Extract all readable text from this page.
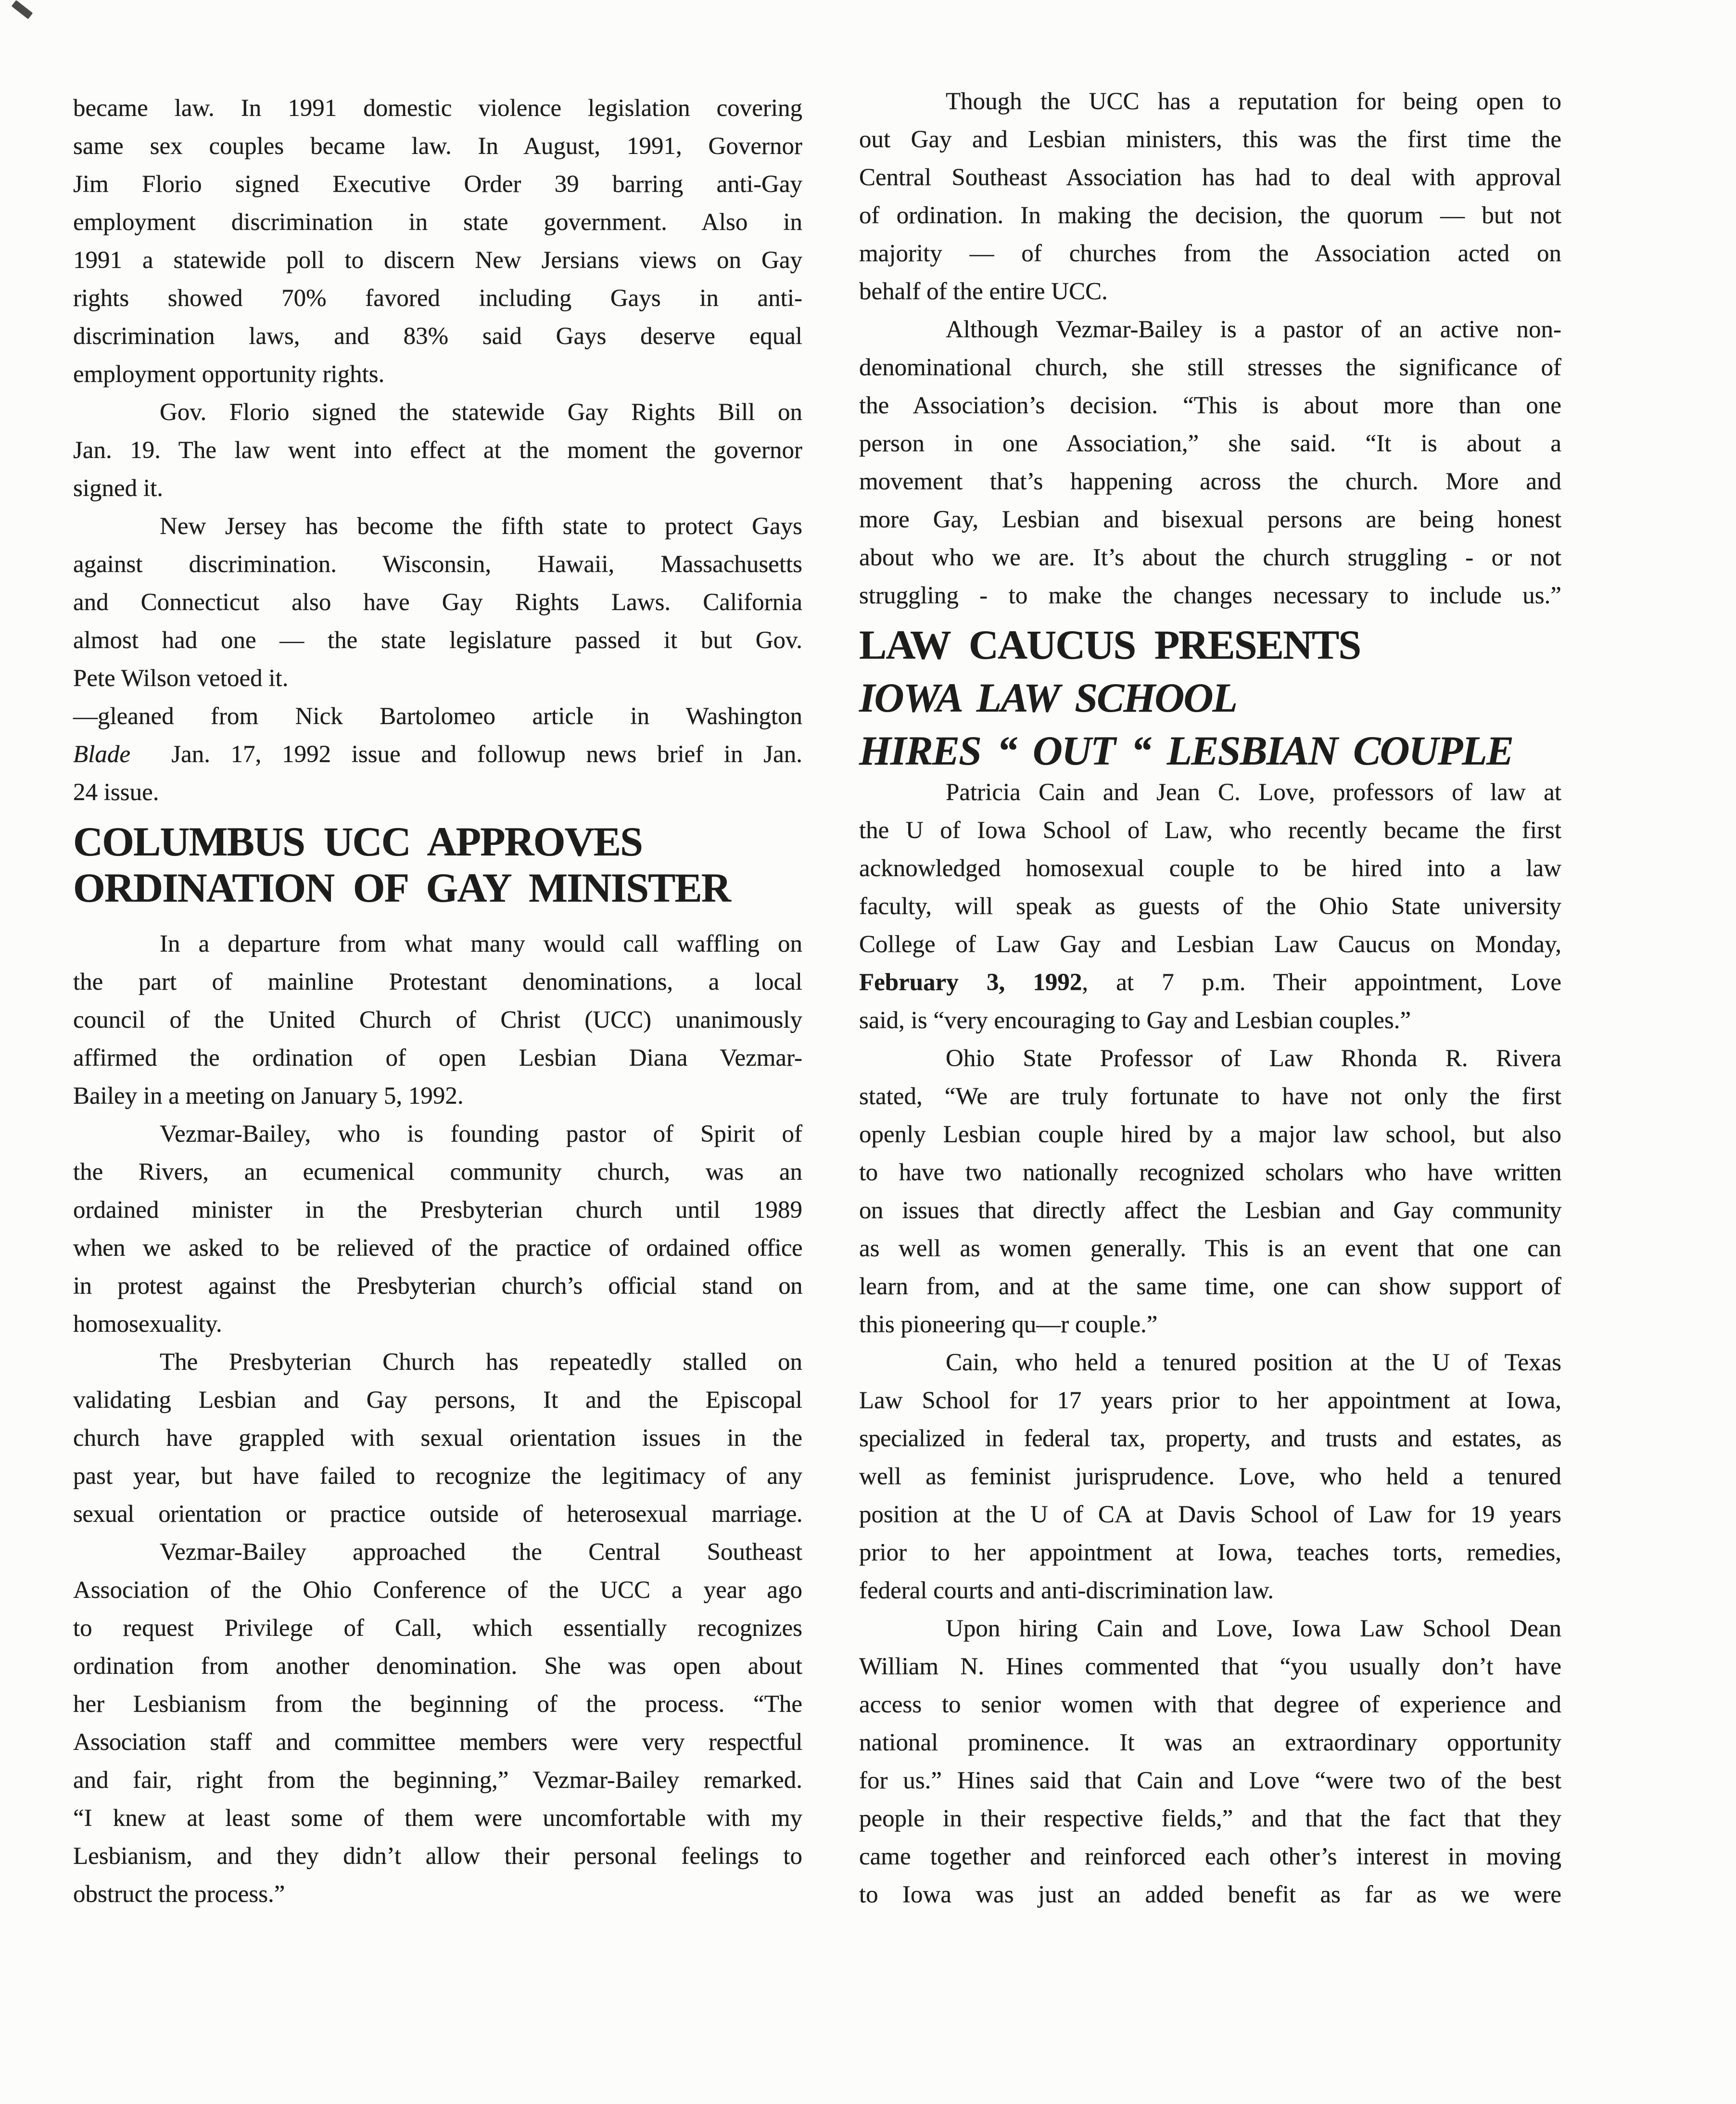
became law. In 1991 domestic violence legislation covering
same sex couples became law. In August, 1991, Governor
Jim Florio signed Executive Order 39 barring anti-Gay
employment discrimination in state government. Also in
1991 a statewide poll to discern New Jersians views on Gay
rights showed 70% favored including Gays in anti-
discrimination laws, and 83% said Gays deserve equal
employment opportunity rights.
Gov. Florio signed the statewide Gay Rights Bill on
Jan. 19. The law went into effect at the moment the governor
signed it.
New Jersey has become the fifth state to protect Gays
against discrimination. Wisconsin, Hawaii, Massachusetts
and Connecticut also have Gay Rights Laws. California
almost had one — the state legislature passed it but Gov.
Pete Wilson vetoed it.
—gleaned from Nick Bartolomeo article in Washington
Blade  Jan. 17, 1992 issue and followup news brief in Jan.
24 issue.
COLUMBUS UCC APPROVES
ORDINATION OF GAY MINISTER
In a departure from what many would call waffling on
the part of mainline Protestant denominations, a local
council of the United Church of Christ (UCC) unanimously
affirmed the ordination of open Lesbian Diana Vezmar-
Bailey in a meeting on January 5, 1992.
Vezmar-Bailey, who is founding pastor of Spirit of
the Rivers, an ecumenical community church, was an
ordained minister in the Presbyterian church until 1989
when we asked to be relieved of the practice of ordained office
in protest against the Presbyterian church’s official stand on
homosexuality.
The Presbyterian Church has repeatedly stalled on
validating Lesbian and Gay persons, It and the Episcopal
church have grappled with sexual orientation issues in the
past year, but have failed to recognize the legitimacy of any
sexual orientation or practice outside of heterosexual marriage.
Vezmar-Bailey approached the Central Southeast
Association of the Ohio Conference of the UCC a year ago
to request Privilege of Call, which essentially recognizes
ordination from another denomination. She was open about
her Lesbianism from the beginning of the process. “The
Association staff and committee members were very respectful
and fair, right from the beginning,” Vezmar-Bailey remarked.
“I knew at least some of them were uncomfortable with my
Lesbianism, and they didn’t allow their personal feelings to
obstruct the process.”
Though the UCC has a reputation for being open to
out Gay and Lesbian ministers, this was the first time the
Central Southeast Association has had to deal with approval
of ordination. In making the decision, the quorum — but not
majority — of churches from the Association acted on
behalf of the entire UCC.
Although Vezmar-Bailey is a pastor of an active non-
denominational church, she still stresses the significance of
the Association’s decision. “This is about more than one
person in one Association,” she said. “It is about a
movement that’s happening across the church. More and
more Gay, Lesbian and bisexual persons are being honest
about who we are. It’s about the church struggling - or not
struggling - to make the changes necessary to include us.”
LAW CAUCUS PRESENTS
IOWA LAW SCHOOL
HIRES “ OUT “ LESBIAN COUPLE
Patricia Cain and Jean C. Love, professors of law at
the U of Iowa School of Law, who recently became the first
acknowledged homosexual couple to be hired into a law
faculty, will speak as guests of the Ohio State university
College of Law Gay and Lesbian Law Caucus on Monday,
February 3, 1992, at 7 p.m. Their appointment, Love
said, is “very encouraging to Gay and Lesbian couples.”
Ohio State Professor of Law Rhonda R. Rivera
stated, “We are truly fortunate to have not only the first
openly Lesbian couple hired by a major law school, but also
to have two nationally recognized scholars who have written
on issues that directly affect the Lesbian and Gay community
as well as women generally. This is an event that one can
learn from, and at the same time, one can show support of
this pioneering qu—r couple.”
Cain, who held a tenured position at the U of Texas
Law School for 17 years prior to her appointment at Iowa,
specialized in federal tax, property, and trusts and estates, as
well as feminist jurisprudence. Love, who held a tenured
position at the U of CA at Davis School of Law for 19 years
prior to her appointment at Iowa, teaches torts, remedies,
federal courts and anti-discrimination law.
Upon hiring Cain and Love, Iowa Law School Dean
William N. Hines commented that “you usually don’t have
access to senior women with that degree of experience and
national prominence. It was an extraordinary opportunity
for us.” Hines said that Cain and Love “were two of the best
people in their respective fields,” and that the fact that they
came together and reinforced each other’s interest in moving
to Iowa was just an added benefit as far as we were
